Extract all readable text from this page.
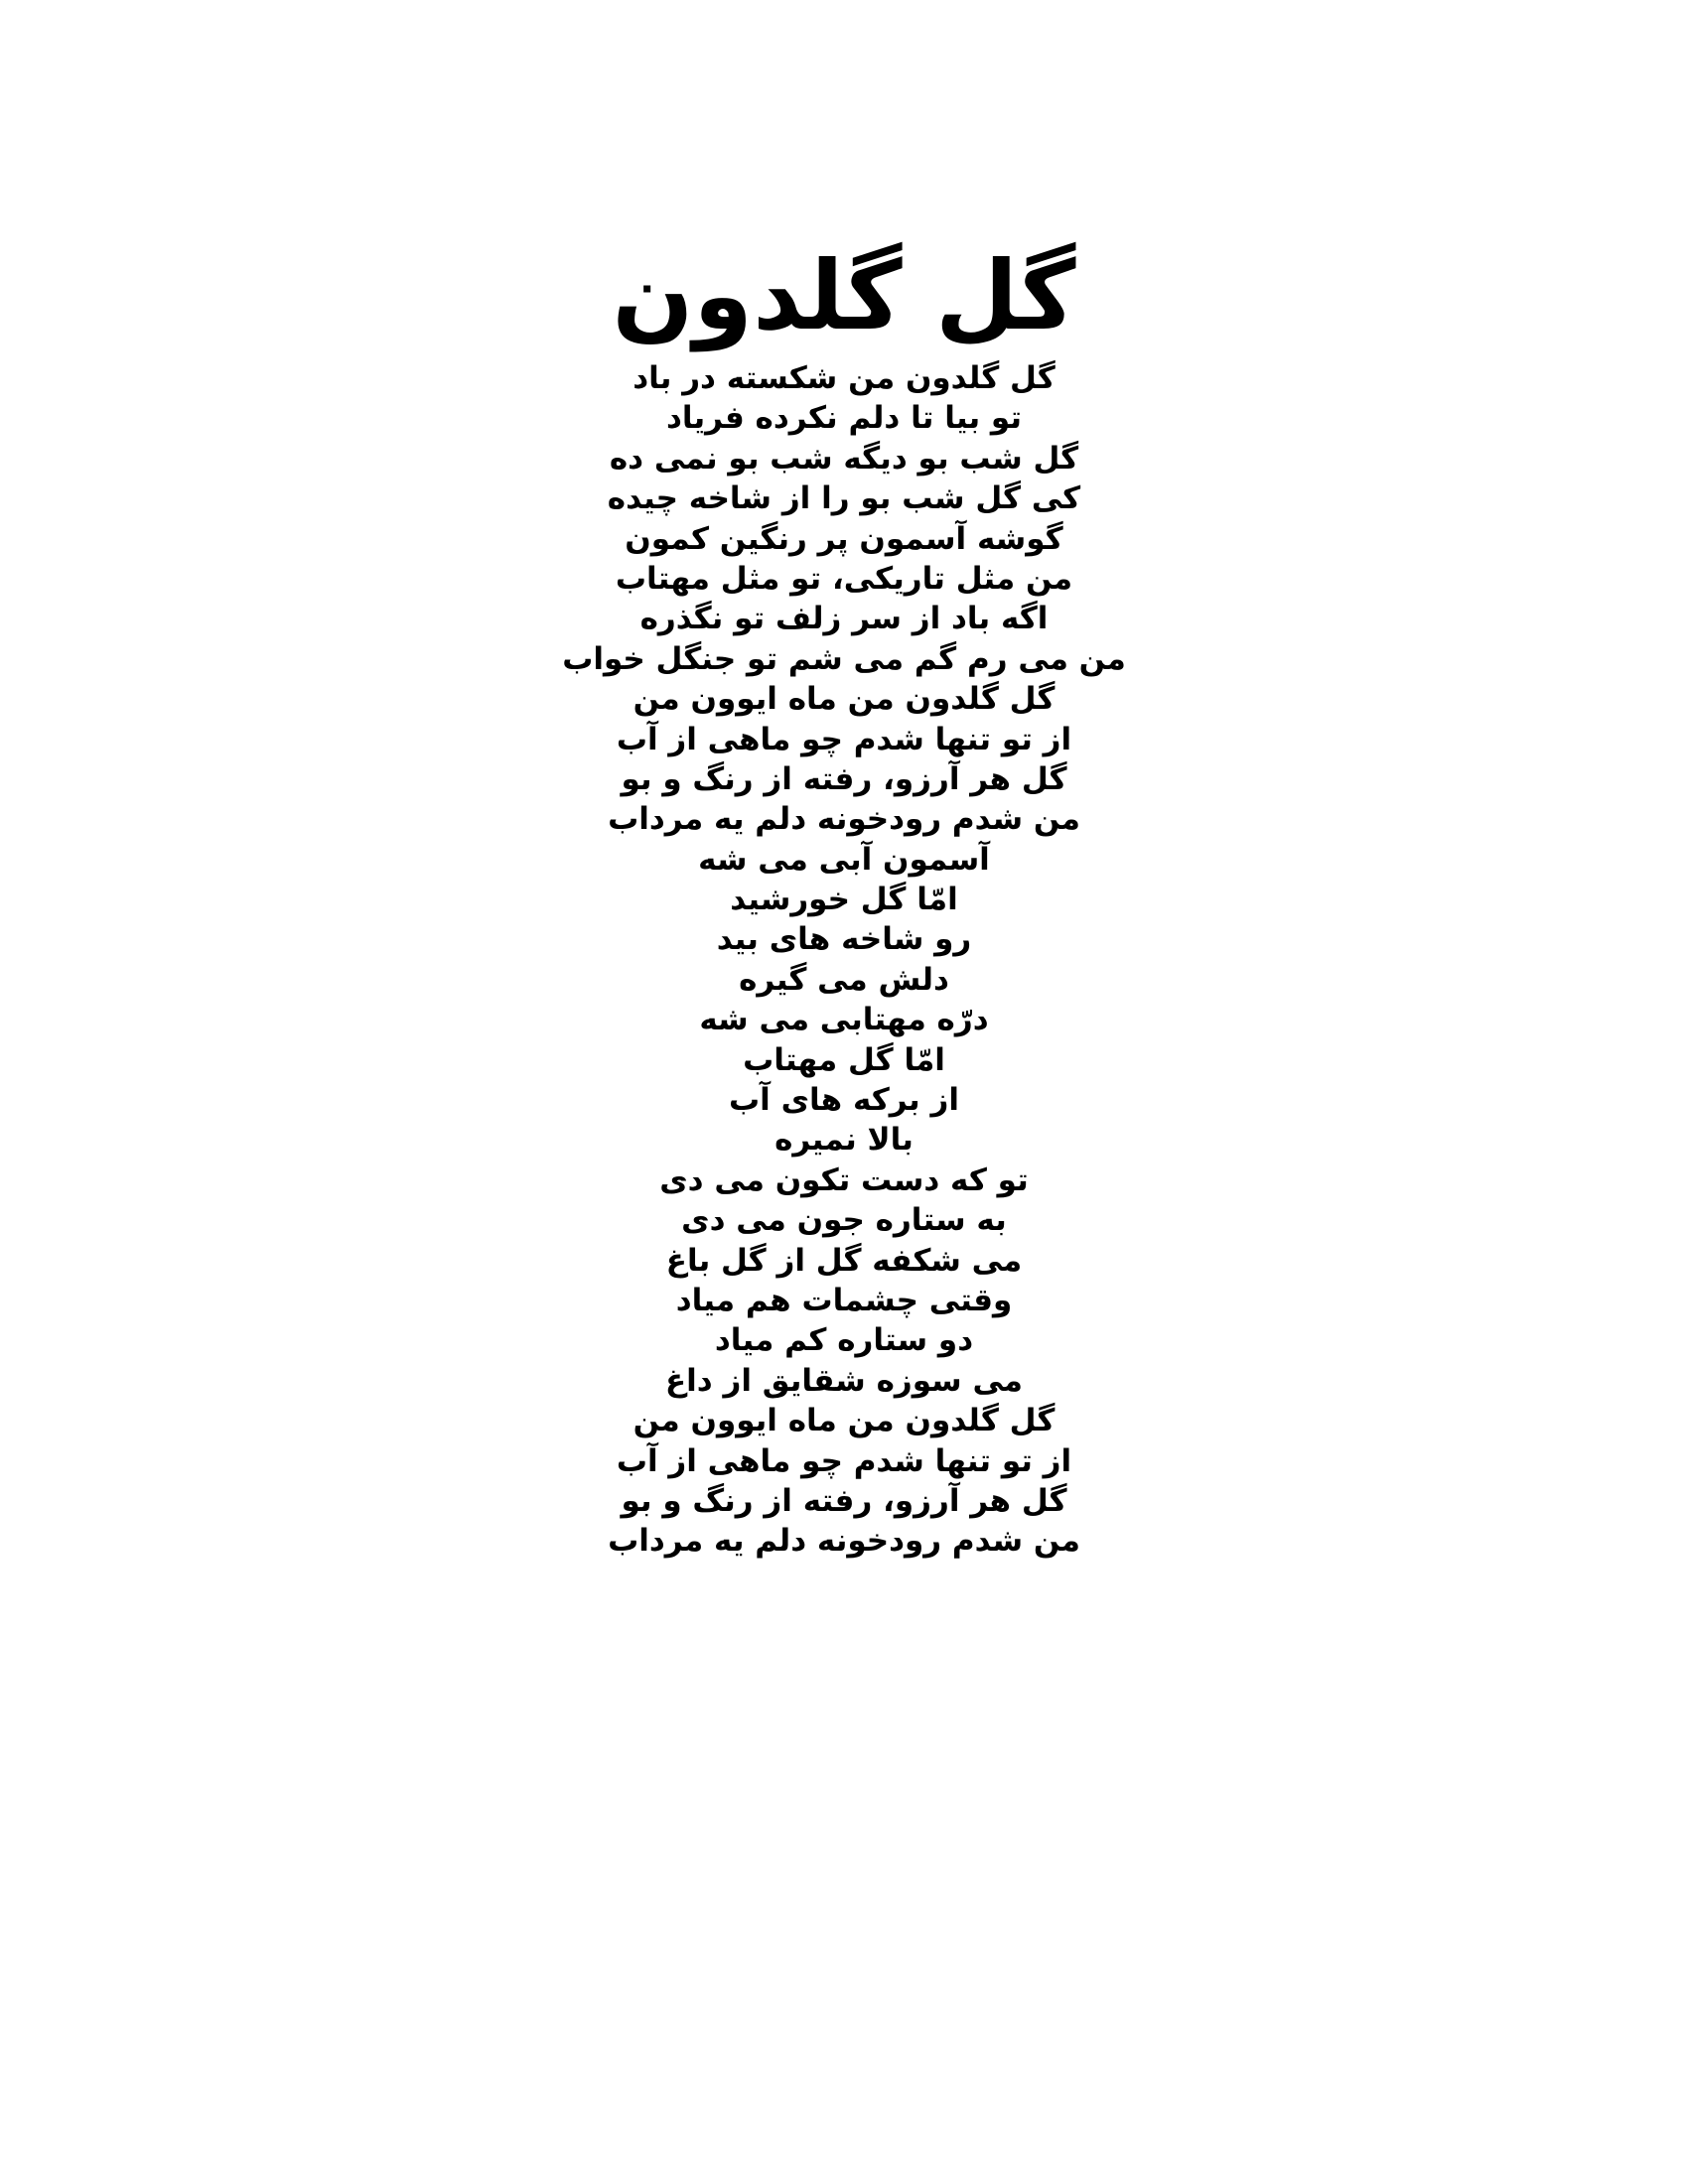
گل گلدون
گل گلدون من شکسته در باد
تو بیا تا دلم نکرده فریاد
گل شب بو دیگه شب بو نمی ده
کی گل شب بو را از شاخه چیده
گوشه آسمون پر رنگین کمون
من مثل تاریکی، تو مثل مهتاب
اگه باد از سر زلف تو نگذره
من می رم گم می شم تو جنگل خواب
گل گلدون من ماه ایوون من
از تو تنها شدم چو ماهی از آب
گل هر آرزو، رفته از رنگ و بو
من شدم رودخونه دلم یه مرداب
آسمون آبی می شه
امّا گل خورشید
رو شاخه های بید
دلش می گیره
درّه مهتابی می شه
امّا گل مهتاب
از برکه های آب
بالا نمیره
تو که دست تکون می دی
به ستاره جون می دی
می شکفه گل از گل باغ
وقتی چشمات هم میاد
دو ستاره کم میاد
می سوزه شقایق از داغ
گل گلدون من ماه ایوون من
از تو تنها شدم چو ماهی از آب
گل هر آرزو، رفته از رنگ و بو
من شدم رودخونه دلم یه مرداب
